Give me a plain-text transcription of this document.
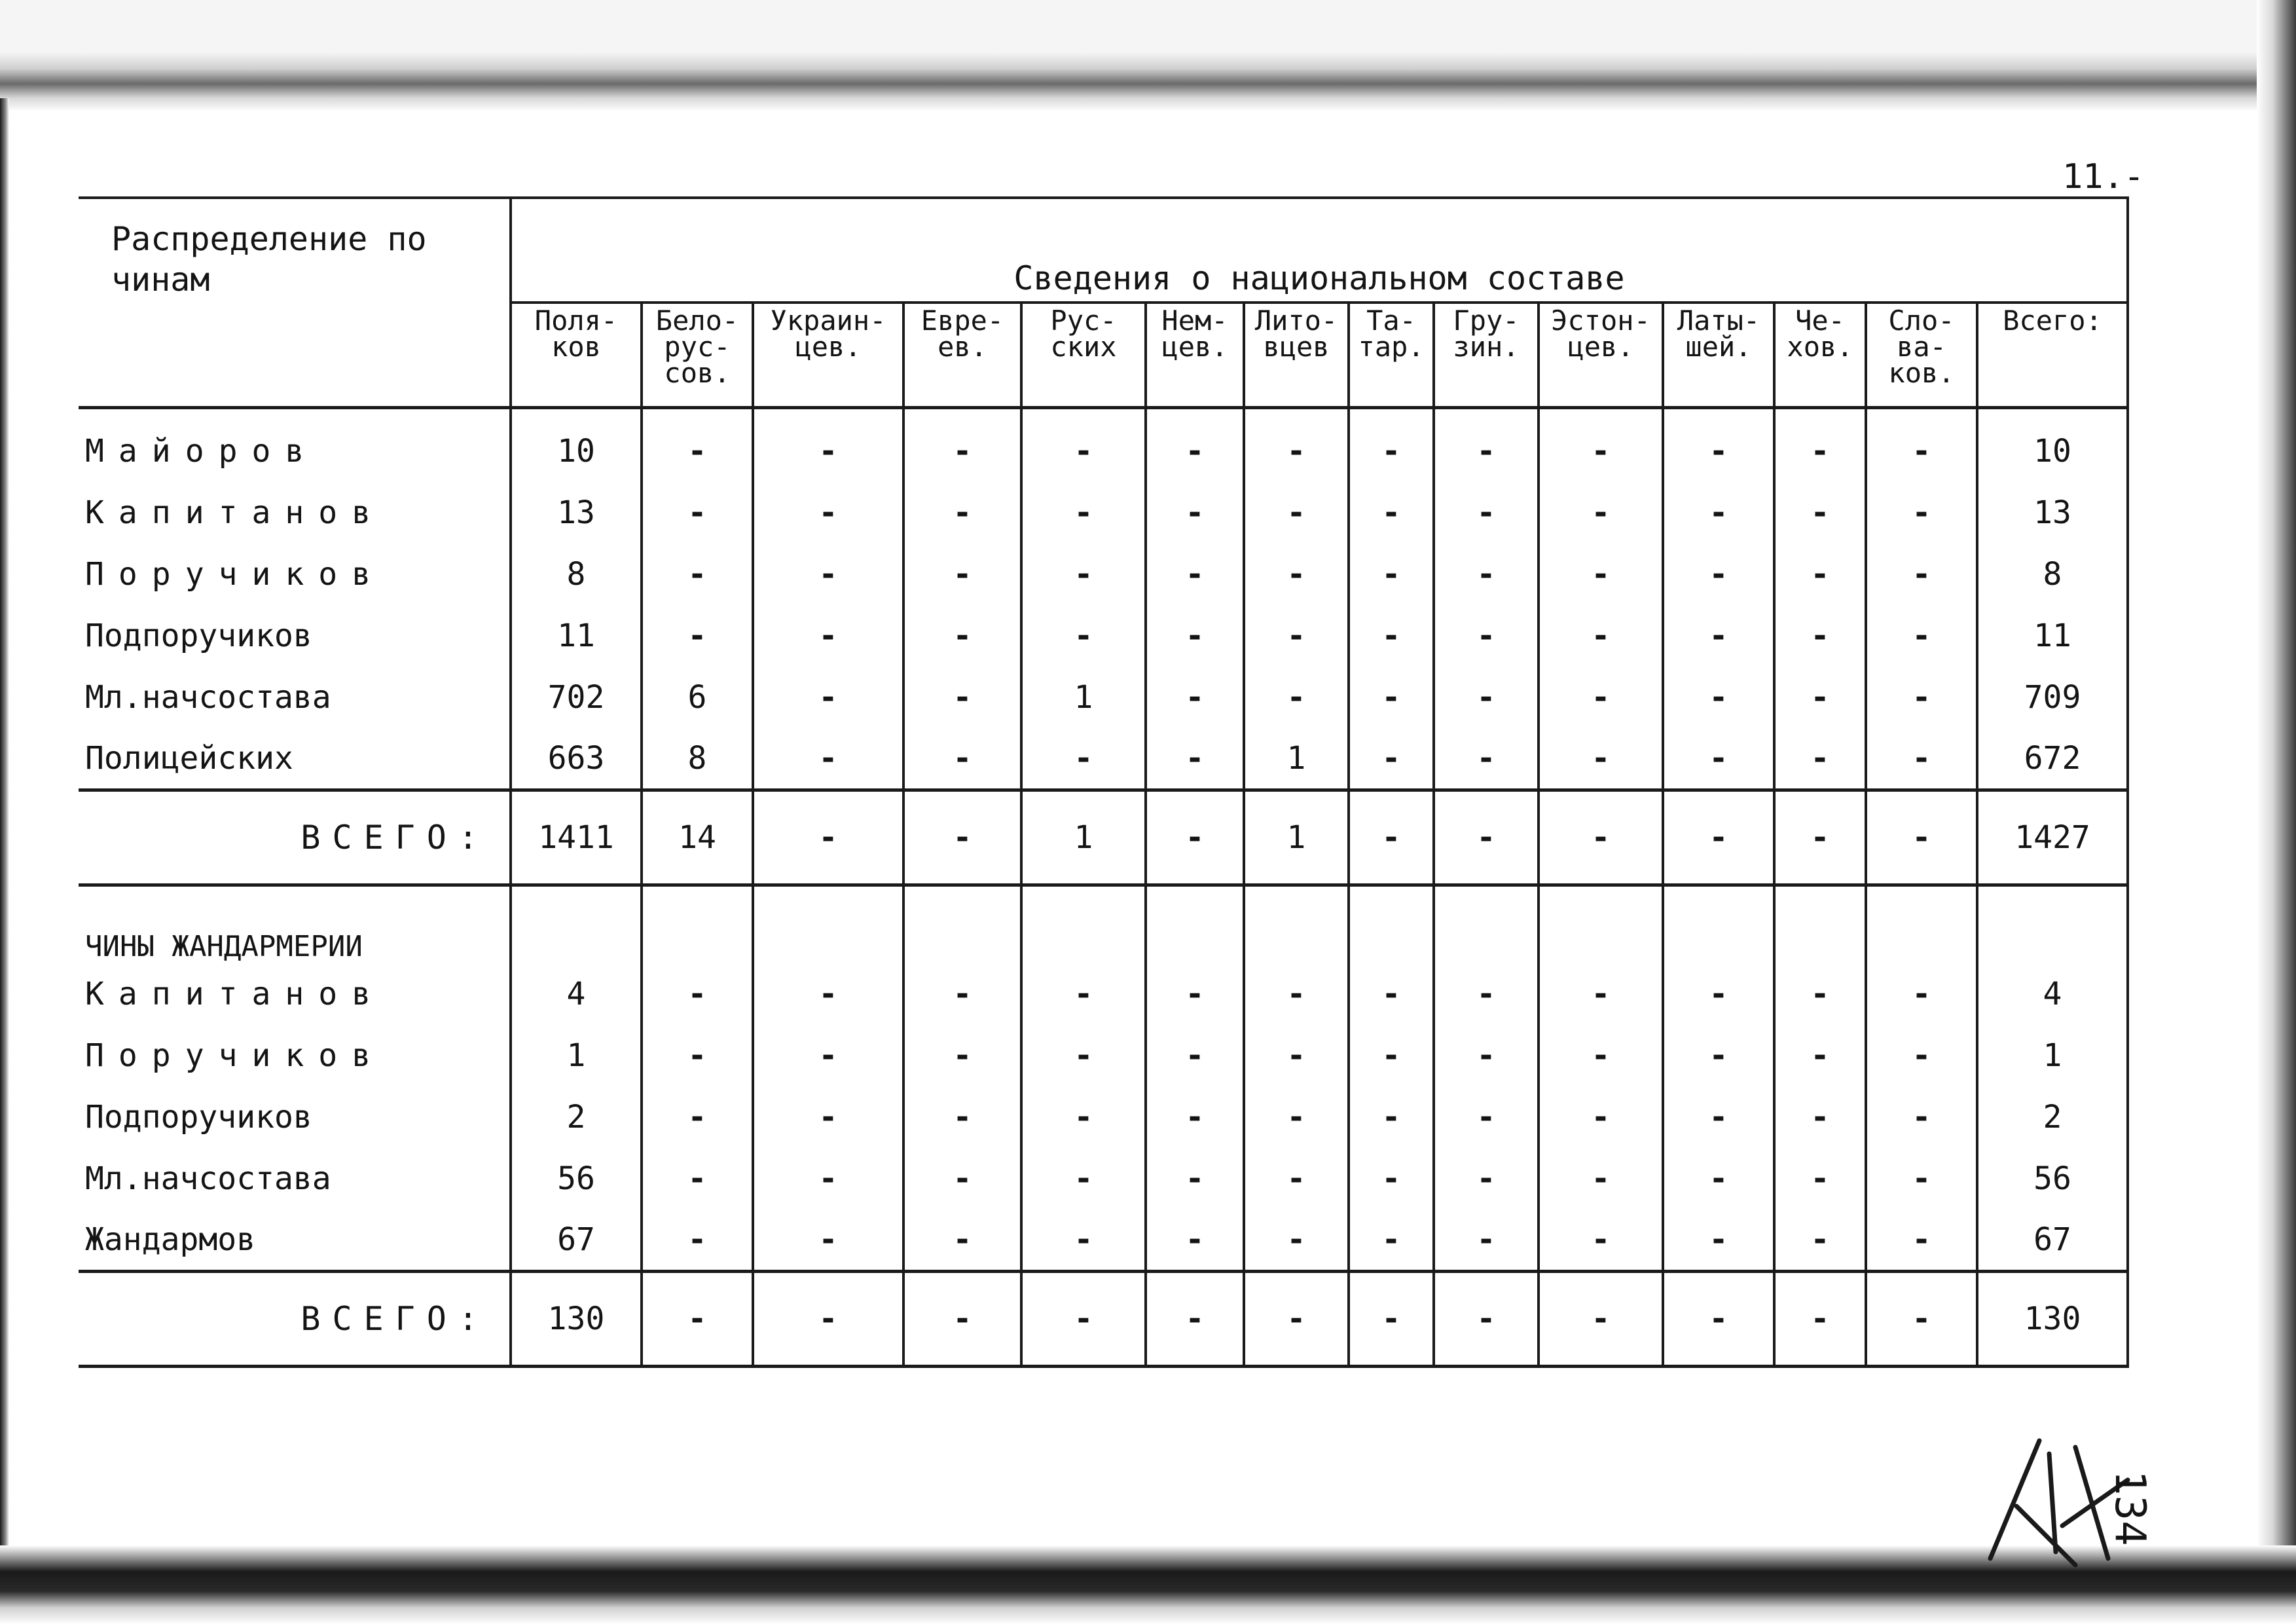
11.-
Распределение по чинам	Сведения о национальном составе													
	Поля-
ков	Бело-
рус-
сов.	Украин-
цев.	Евре-
ев.	Рус-
ских	Нем-
цев.	Лито-
вцев	Та-
тар.	Гру-
зин.	Эстон-
цев.	Латы-
шей.	Че-
хов.	Сло-
ва-
ков.	Всего:

Майоров	10	-	-	-	-	-	-	-	-	-	-	-	-	10
Капитанов	13	-	-	-	-	-	-	-	-	-	-	-	-	13
Поручиков	8	-	-	-	-	-	-	-	-	-	-	-	-	8
Подпоручиков	11	-	-	-	-	-	-	-	-	-	-	-	-	11
Мл.начсостава	702	6	-	-	1	-	-	-	-	-	-	-	-	709
Полицейских	663	8	-	-	-	-	1	-	-	-	-	-	-	672
ВСЕГО:	1411	14	-	-	1	-	1	-	-	-	-	-	-	1427
ЧИНЫ ЖАНДАРМЕРИИ														
Капитанов	4	-	-	-	-	-	-	-	-	-	-	-	-	4
Поручиков	1	-	-	-	-	-	-	-	-	-	-	-	-	1
Подпоручиков	2	-	-	-	-	-	-	-	-	-	-	-	-	2
Мл.начсостава	56	-	-	-	-	-	-	-	-	-	-	-	-	56
Жандармов	67	-	-	-	-	-	-	-	-	-	-	-	-	67
ВСЕГО:	130	-	-	-	-	-	-	-	-	-	-	-	-	130
134
